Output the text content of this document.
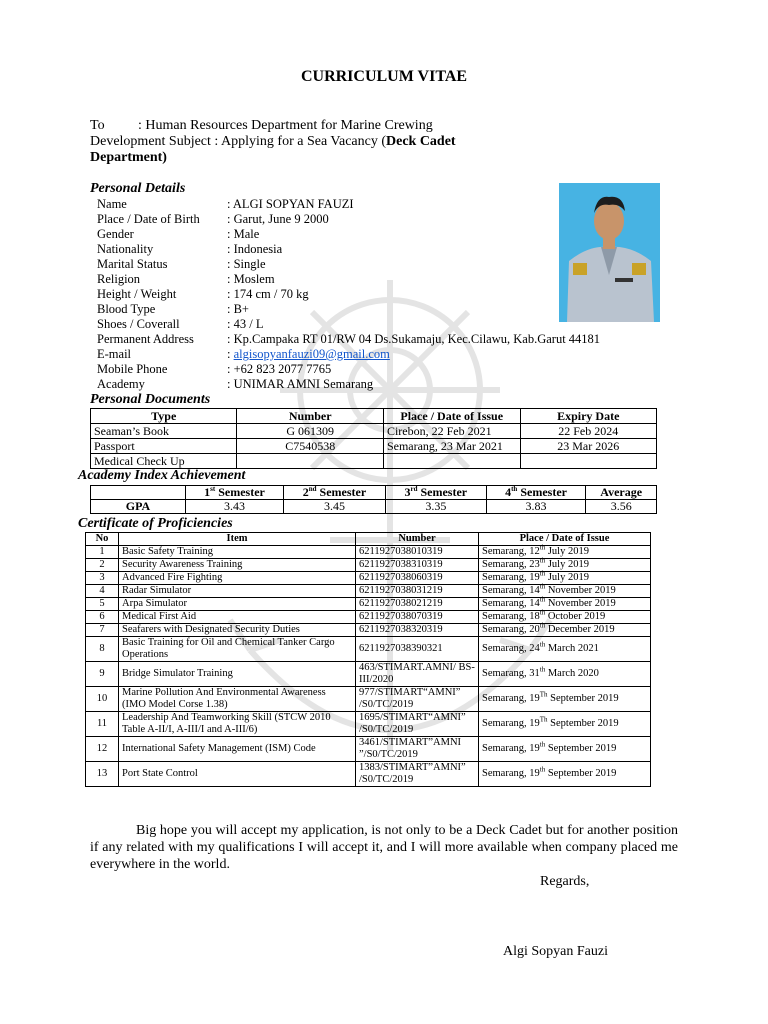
CURRICULUM VITAE
To : Human Resources Department for Marine Crewing
Development Subject : Applying for a Sea Vacancy (Deck Cadet Department)
Personal Details
Name	: ALGI SOPYAN FAUZI
Place / Date of Birth	: Garut, June 9 2000
Gender	: Male
Nationality	: Indonesia
Marital Status	: Single
Religion	: Moslem
Height / Weight	: 174 cm / 70 kg
Blood Type	: B+
Shoes / Coverall	: 43 / L
Permanent Address	: Kp.Campaka RT 01/RW 04 Ds.Sukamaju, Kec.Cilawu, Kab.Garut 44181
E-mail	: algisopyanfauzi09@gmail.com
Mobile Phone	: +62 823 2077 7765
Academy	: UNIMAR AMNI Semarang
Personal Documents
Type	Number	Place / Date of Issue	Expiry Date
Seaman’s Book	G 061309	Cirebon, 22 Feb 2021	22 Feb 2024
Passport	C7540538	Semarang, 23 Mar 2021	23 Mar 2026
Medical Check Up			
Academy Index Achievement
	1st Semester	2nd Semester	3rd Semester	4th Semester	Average
GPA	3.43	3.45	3.35	3.83	3.56
Certificate of Proficiencies
No	Item	Number	Place / Date of Issue
1	Basic Safety Training	6211927038010319	Semarang, 12th July 2019
2	Security Awareness Training	6211927038310319	Semarang, 23th July 2019
3	Advanced Fire Fighting	6211927038060319	Semarang, 19th July 2019
4	Radar Simulator	6211927038031219	Semarang, 14th November 2019
5	Arpa Simulator	6211927038021219	Semarang, 14th November 2019
6	Medical First Aid	6211927038070319	Semarang, 18th October 2019
7	Seafarers with Designated Security Duties	6211927038320319	Semarang, 20th December 2019
8	Basic Training for Oil and Chemical Tanker Cargo Operations	6211927038390321	Semarang, 24th March 2021
9	Bridge Simulator Training	463/STIMART.AMNI/ BS-III/2020	Semarang, 31th March 2020
10	Marine Pollution And Environmental Awareness (IMO Model Corse 1.38)	977/STIMART“AMNI” /S0/TC/2019	Semarang, 19Th September 2019
11	Leadership And Teamworking Skill (STCW 2010 Table A-II/I, A-III/I and A-III/6)	1695/STIMART“AMNI” /S0/TC/2019	Semarang, 19Th September 2019
12	International Safety Management (ISM) Code	3461/STIMART”AMNI ”/S0/TC/2019	Semarang, 19th September 2019
13	Port State Control	1383/STIMART”AMNI” /S0/TC/2019	Semarang, 19th September 2019
Big hope you will accept my application, is not only to be a Deck Cadet but for another position if any related with my qualifications I will accept it, and I will more available when company placed me everywhere in the world.
Regards,
Algi Sopyan Fauzi
